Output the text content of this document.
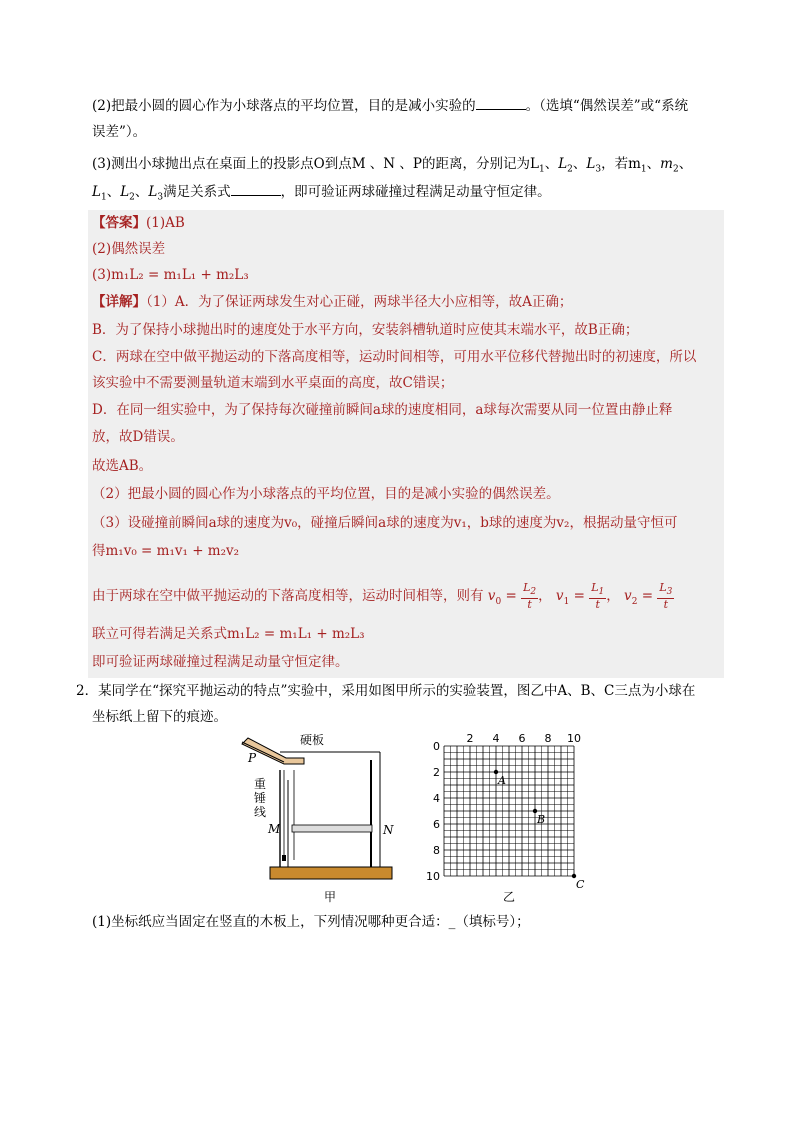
(2)把最小圆的圆心作为小球落点的平均位置，目的是减小实验的	。（选填“偶然误差”或“系统
误差”）。
(3)测出小球抛出点在桌面上的投影点O到点M 、N 、P的距离，分别记为$L_1$、$L_2$、$L_3$，若$m_1$、$m_2$、
$L_1$、$L_2$、$L_3$满足关系式	，即可验证两球碰撞过程满足动量守恒定律。
【答案】(1)AB
(2)偶然误差
(3)m₁L₂ = m₁L₁ + m₂L₃
【详解】（1）A．为了保证两球发生对心正碰，两球半径大小应相等，故A正确；
B．为了保持小球抛出时的速度处于水平方向，安装斜槽轨道时应使其末端水平，故B正确；
C．两球在空中做平抛运动的下落高度相等，运动时间相等，可用水平位移代替抛出时的初速度，所以
该实验中不需要测量轨道末端到水平桌面的高度，故C错误；
D．在同一组实验中，为了保持每次碰撞前瞬间a球的速度相同，a球每次需要从同一位置由静止释
放，故D错误。
故选AB。
（2）把最小圆的圆心作为小球落点的平均位置，目的是减小实验的偶然误差。
（3）设碰撞前瞬间a球的速度为v₀，碰撞后瞬间a球的速度为v₁，b球的速度为v₂，根据动量守恒可
得m₁v₀ = m₁v₁ + m₂v₂
由于两球在空中做平抛运动的下落高度相等，运动时间相等，则有 $v_0 = \frac{L_2}{t}$ ， $v_1 = \frac{L_1}{t}$ ， $v_2 = \frac{L_3}{t}$
联立可得若满足关系式m₁L₂ = m₁L₁ + m₂L₃
即可验证两球碰撞过程满足动量守恒定律。
2．某同学在“探究平抛运动的特点”实验中，采用如图甲所示的实验装置，图乙中A、B、C三点为小球在
坐标纸上留下的痕迹。
硬板
P
重
锤
线
M	N
甲
2 4 6 8 10
0
2
4
6
8
10
A
B
C
乙
(1)坐标纸应当固定在竖直的木板上，下列情况哪种更合适：_（填标号）；
